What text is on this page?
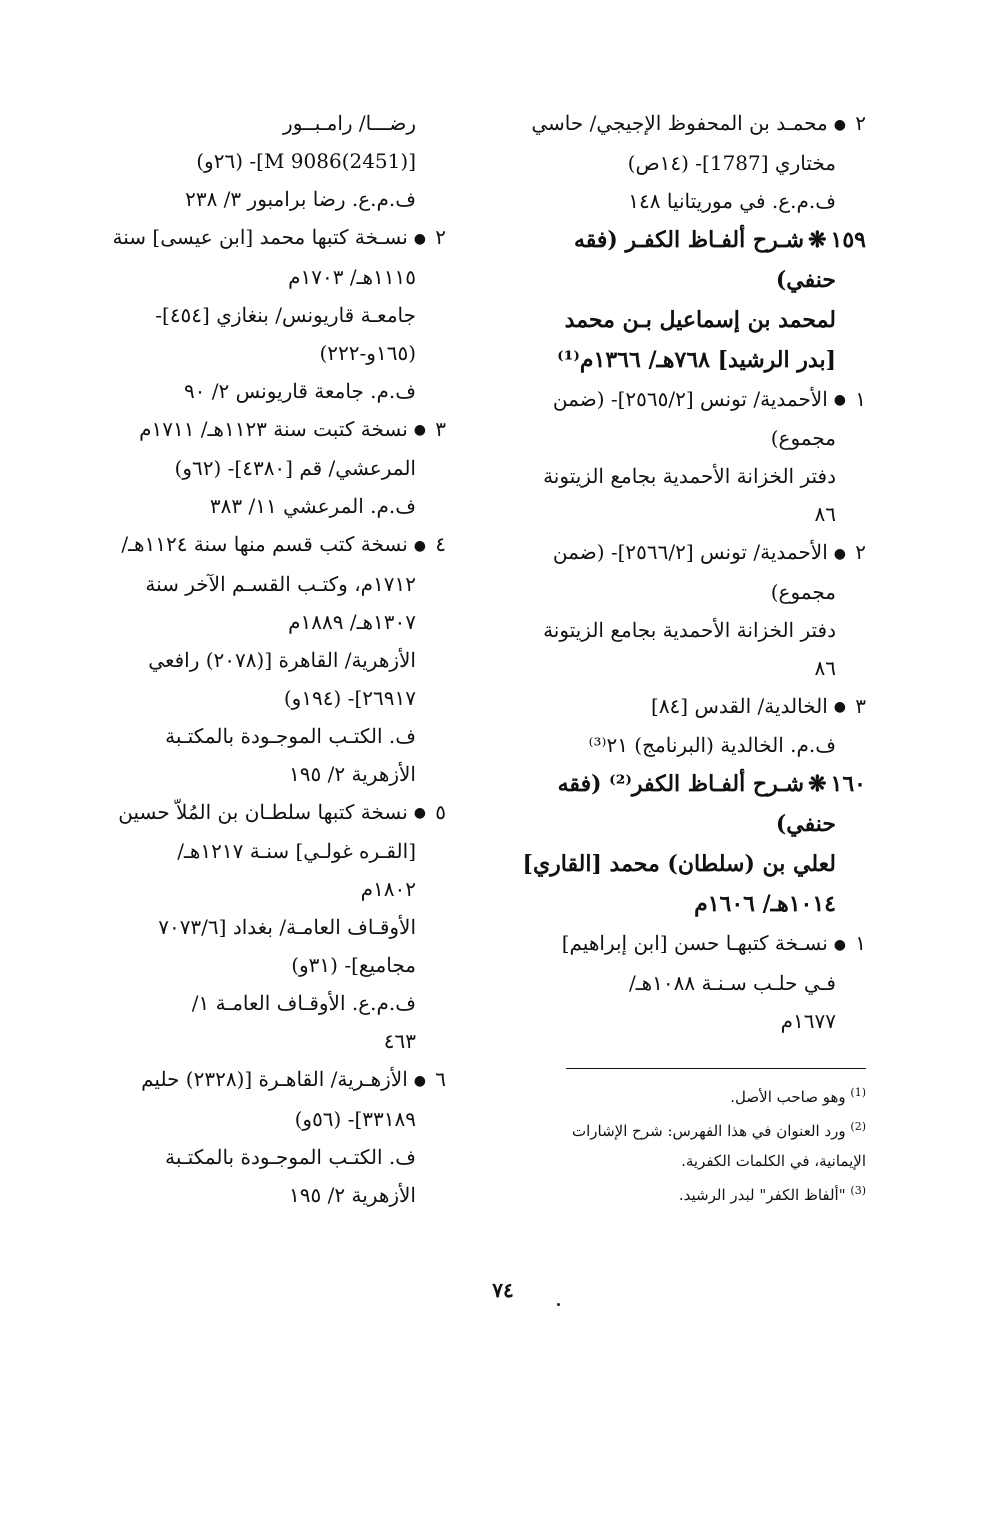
٢●محمـد بن المحفوظ الإجيجي/ حاسي

مختاري [1787]- (١٤ص)

ف.م.ع. في موريتانيا ١٤٨

١٥٩❋شـرح ألفـاظ الكفـر (فقه

حنفي)

لمحمد بن إسماعيل بـن محمد

[بدر الرشيد] ٧٦٨هـ/ ١٣٦٦م⁽¹⁾

١●الأحمدية/ تونس [٢٥٦٥/٢]- (ضمن

مجموع)

دفتر الخزانة الأحمدية بجامع الزيتونة

٨٦

٢●الأحمدية/ تونس [٢٥٦٦/٢]- (ضمن

مجموع)

دفتر الخزانة الأحمدية بجامع الزيتونة

٨٦

٣●الخالدية/ القدس [٨٤]

ف.م. الخالدية (البرنامج) ٢١⁽³⁾

١٦٠❋شـرح ألفـاظ الكفر⁽²⁾ (فقه

حنفي)

لعلي بن (سلطان) محمد [القاري]

١٠١٤هـ/ ١٦٠٦م

١●نسـخة كتبهـا حسن [ابن إبراهيم]

فـي حلـب سـنـة ١٠٨٨هـ/

١٦٧٧م

رضـــا/ رامـبــور

[M 9086(2451)]- (٢٦و)

ف.م.ع. رضا برامبور ٣/ ٢٣٨

٢●نسـخة كتبها محمد [ابن عيسى] سنة

١١١٥هـ/ ١٧٠٣م

جامعـة قاريونس/ بنغازي [٤٥٤]-

(١٦٥و-٢٢٢)

ف.م. جامعة قاريونس ٢/ ٩٠

٣●نسخة كتبت سنة ١١٢٣هـ/ ١٧١١م

المرعشي/ قم [٤٣٨٠]- (٦٢و)

ف.م. المرعشي ١١/ ٣٨٣

٤●نسخة كتب قسم منها سنة ١١٢٤هـ/

١٧١٢م، وكتـب القسـم الآخر سنة

١٣٠٧هـ/ ١٨٨٩م

الأزهرية/ القاهرة [(٢٠٧٨) رافعي

٢٦٩١٧]- (١٩٤و)

ف. الكتـب الموجـودة بالمكتـبة

الأزهرية ٢/ ١٩٥

٥●نسخة كتبها سلطـان بن المُلاّ حسين

[القـره غولـي] سنـة ١٢١٧هـ/

١٨٠٢م

الأوقـاف العامـة/ بغداد [٧٠٧٣/٦

مجاميع]- (٣١و)

ف.م.ع. الأوقـاف العامـة ١/

٤٦٣

٦●الأزهـرية/ القاهـرة [(٢٣٢٨) حليم

٣٣١٨٩]- (٥٦و)

ف. الكتـب الموجـودة بالمكتـبة

الأزهرية ٢/ ١٩٥

$^{(1)}$ وهو صاحب الأصل.

$^{(2)}$ ورد العنوان في هذا الفهرس: شرح الإشارات

الإيمانية، في الكلمات الكفرية.

$^{(3)}$ "ألفاظ الكفر" لبدر الرشيد.

٧٤
